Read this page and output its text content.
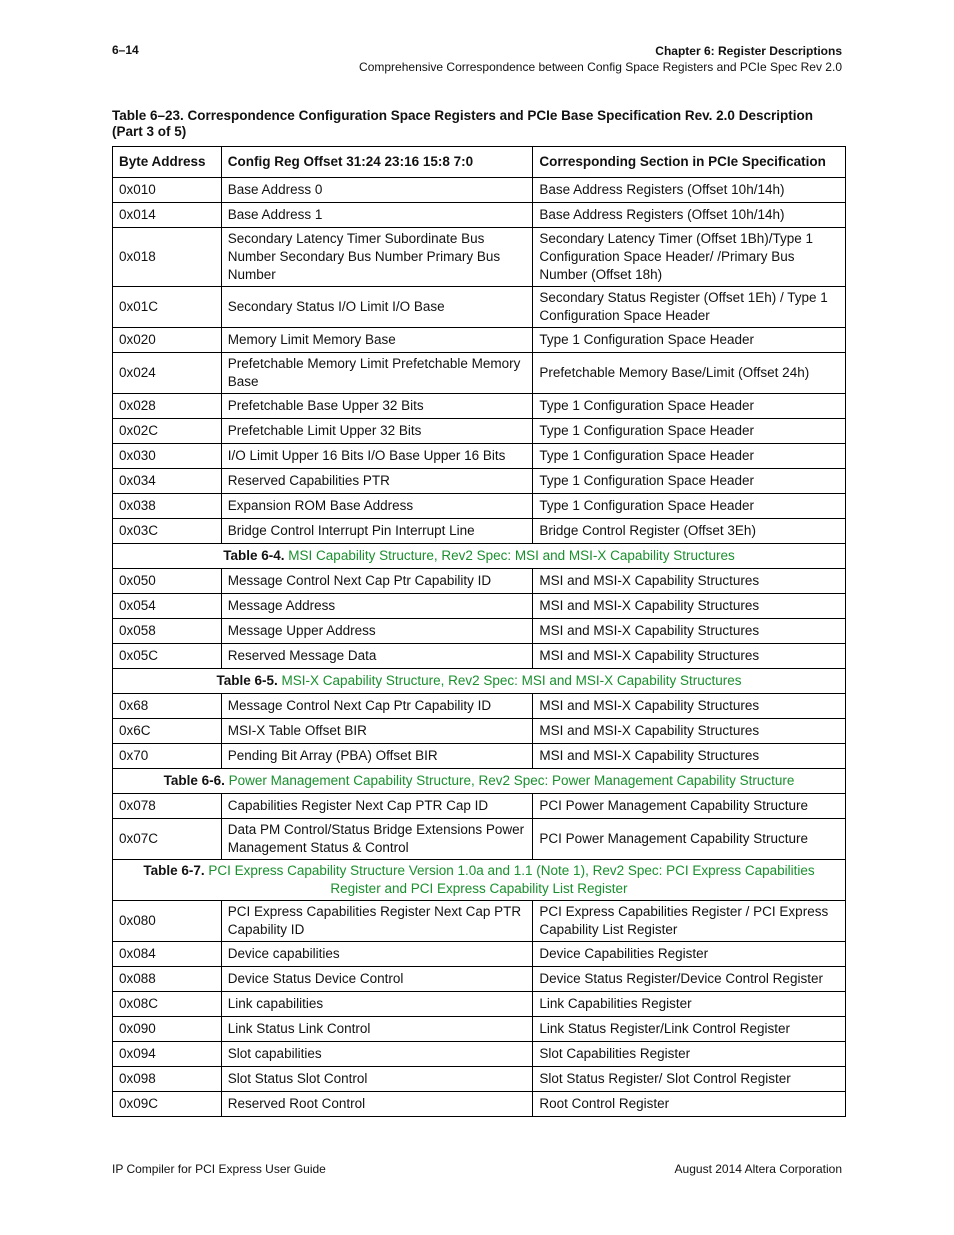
6–14	Chapter 6: Register Descriptions
Comprehensive Correspondence between Config Space Registers and PCIe Spec Rev 2.0
Table 6–23. Correspondence Configuration Space Registers and PCIe Base Specification Rev. 2.0 Description (Part 3 of 5)
Byte Address	Config Reg Offset 31:24 23:16 15:8 7:0	Corresponding Section in PCIe Specification
0x010	Base Address 0	Base Address Registers (Offset 10h/14h)
0x014	Base Address 1	Base Address Registers (Offset 10h/14h)
0x018	Secondary Latency Timer Subordinate Bus Number Secondary Bus Number Primary Bus Number	Secondary Latency Timer (Offset 1Bh)/Type 1 Configuration Space Header/ /Primary Bus Number (Offset 18h)
0x01C	Secondary Status I/O Limit I/O Base	Secondary Status Register (Offset 1Eh) / Type 1 Configuration Space Header
0x020	Memory Limit Memory Base	Type 1 Configuration Space Header
0x024	Prefetchable Memory Limit Prefetchable Memory Base	Prefetchable Memory Base/Limit (Offset 24h)
0x028	Prefetchable Base Upper 32 Bits	Type 1 Configuration Space Header
0x02C	Prefetchable Limit Upper 32 Bits	Type 1 Configuration Space Header
0x030	I/O Limit Upper 16 Bits I/O Base Upper 16 Bits	Type 1 Configuration Space Header
0x034	Reserved Capabilities PTR	Type 1 Configuration Space Header
0x038	Expansion ROM Base Address	Type 1 Configuration Space Header
0x03C	Bridge Control Interrupt Pin Interrupt Line	Bridge Control Register (Offset 3Eh)
Table 6-4. MSI Capability Structure, Rev2 Spec: MSI and MSI-X Capability Structures		
0x050	Message Control Next Cap Ptr Capability ID	MSI and MSI-X Capability Structures
0x054	Message Address	MSI and MSI-X Capability Structures
0x058	Message Upper Address	MSI and MSI-X Capability Structures
0x05C	Reserved Message Data	MSI and MSI-X Capability Structures
Table 6-5. MSI-X Capability Structure, Rev2 Spec: MSI and MSI-X Capability Structures		
0x68	Message Control Next Cap Ptr Capability ID	MSI and MSI-X Capability Structures
0x6C	MSI-X Table Offset BIR	MSI and MSI-X Capability Structures
0x70	Pending Bit Array (PBA) Offset BIR	MSI and MSI-X Capability Structures
Table 6-6. Power Management Capability Structure, Rev2 Spec: Power Management Capability Structure		
0x078	Capabilities Register Next Cap PTR Cap ID	PCI Power Management Capability Structure
0x07C	Data PM Control/Status Bridge Extensions Power Management Status & Control	PCI Power Management Capability Structure
Table 6-7. PCI Express Capability Structure Version 1.0a and 1.1 (Note 1), Rev2 Spec: PCI Express Capabilities Register and PCI Express Capability List Register		
0x080	PCI Express Capabilities Register Next Cap PTR Capability ID	PCI Express Capabilities Register / PCI Express Capability List Register
0x084	Device capabilities	Device Capabilities Register
0x088	Device Status Device Control	Device Status Register/Device Control Register
0x08C	Link capabilities	Link Capabilities Register
0x090	Link Status Link Control	Link Status Register/Link Control Register
0x094	Slot capabilities	Slot Capabilities Register
0x098	Slot Status Slot Control	Slot Status Register/ Slot Control Register
0x09C	Reserved Root Control	Root Control Register
IP Compiler for PCI Express User Guide	August 2014 Altera Corporation
